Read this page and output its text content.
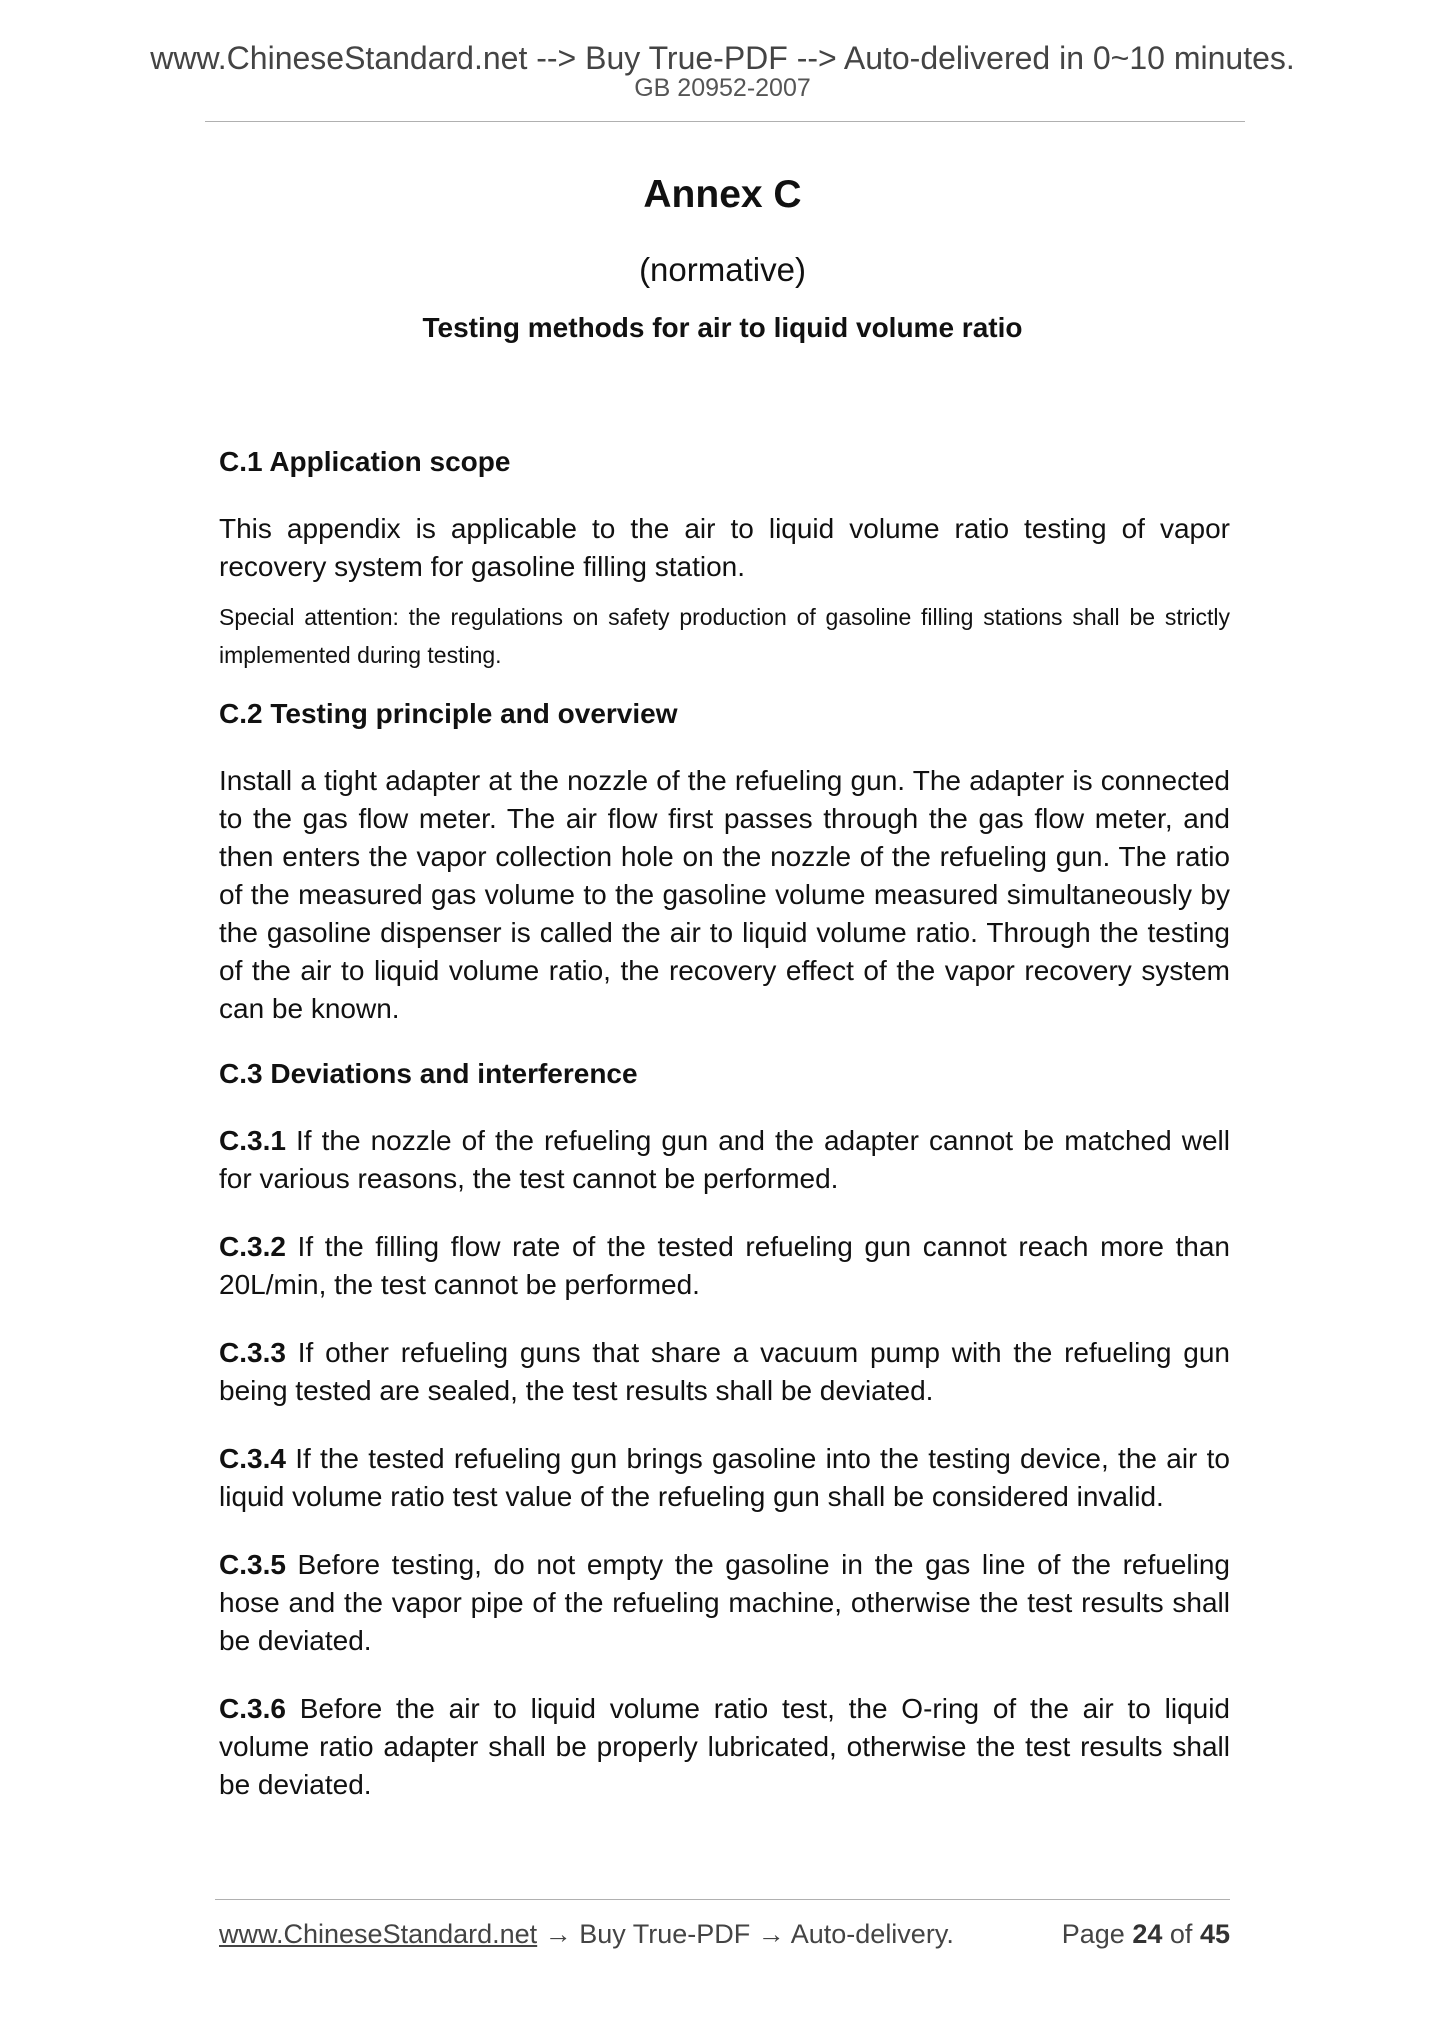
www.ChineseStandard.net --> Buy True-PDF --> Auto-delivered in 0~10 minutes.
GB 20952-2007
Annex C
(normative)
Testing methods for air to liquid volume ratio

C.1 Application scope

This appendix is applicable to the air to liquid volume ratio testing of vapor recovery system for gasoline filling station.

Special attention: the regulations on safety production of gasoline filling stations shall be strictly implemented during testing.

C.2 Testing principle and overview

Install a tight adapter at the nozzle of the refueling gun. The adapter is connected to the gas flow meter. The air flow first passes through the gas flow meter, and then enters the vapor collection hole on the nozzle of the refueling gun. The ratio of the measured gas volume to the gasoline volume measured simultaneously by the gasoline dispenser is called the air to liquid volume ratio. Through the testing of the air to liquid volume ratio, the recovery effect of the vapor recovery system can be known.

C.3 Deviations and interference

C.3.1 If the nozzle of the refueling gun and the adapter cannot be matched well for various reasons, the test cannot be performed.

C.3.2 If the filling flow rate of the tested refueling gun cannot reach more than 20L/min, the test cannot be performed.

C.3.3 If other refueling guns that share a vacuum pump with the refueling gun being tested are sealed, the test results shall be deviated.

C.3.4 If the tested refueling gun brings gasoline into the testing device, the air to liquid volume ratio test value of the refueling gun shall be considered invalid.

C.3.5 Before testing, do not empty the gasoline in the gas line of the refueling hose and the vapor pipe of the refueling machine, otherwise the test results shall be deviated.

C.3.6 Before the air to liquid volume ratio test, the O-ring of the air to liquid volume ratio adapter shall be properly lubricated, otherwise the test results shall be deviated.

www.ChineseStandard.net → Buy True-PDF → Auto-delivery.	Page 24 of 45
